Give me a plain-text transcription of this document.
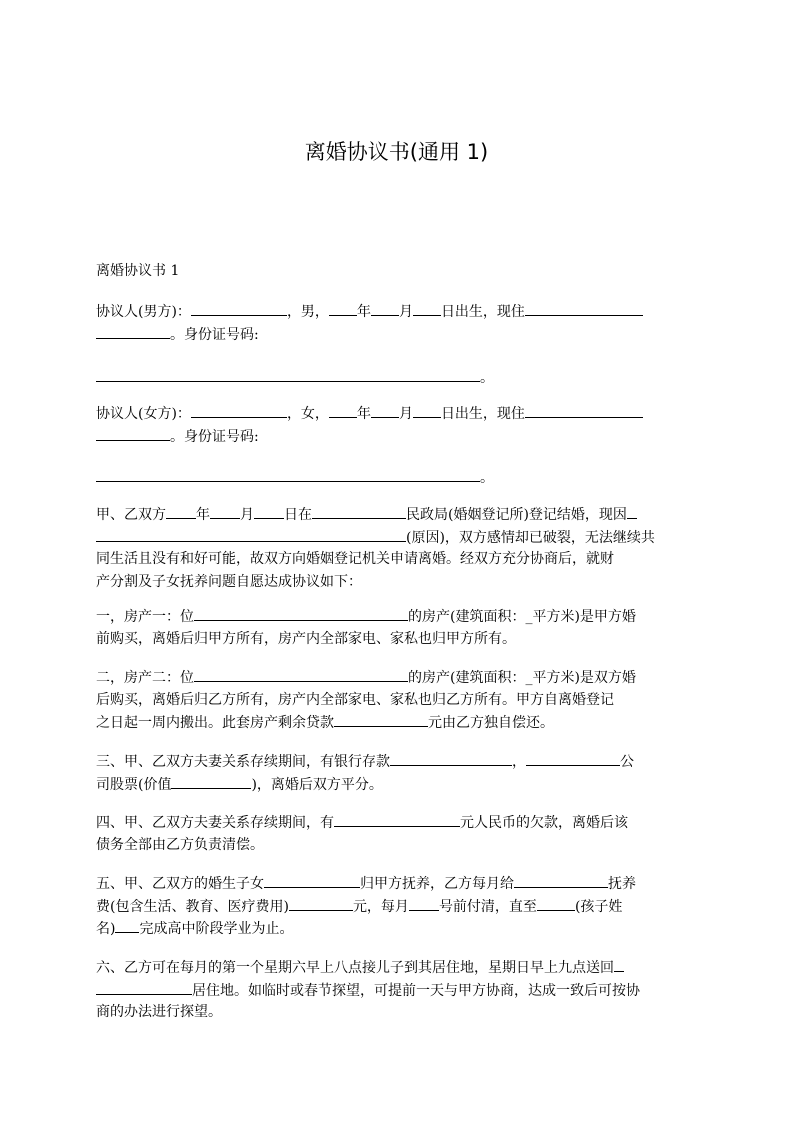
离婚协议书(通用 1)
离婚协议书 1
协议人(男方)：	，男， 年 月 日出生，现住
。身份证号码:
。
协议人(女方)：	，女， 年 月 日出生，现住
。身份证号码:
。
甲、乙双方 年 月 日在	民政局(婚姻登记所)登记结婚，现因
(原因)，双方感情却已破裂，无法继续共
同生活且没有和好可能，故双方向婚姻登记机关申请离婚。经双方充分协商后，就财
产分割及子女抚养问题自愿达成协议如下：
一，房产一：位	的房产(建筑面积：_平方米)是甲方婚
前购买，离婚后归甲方所有，房产内全部家电、家私也归甲方所有。
二，房产二：位	的房产(建筑面积：_平方米)是双方婚
后购买，离婚后归乙方所有，房产内全部家电、家私也归乙方所有。甲方自离婚登记
之日起一周内搬出。此套房产剩余贷款	元由乙方独自偿还。
三、甲、乙双方夫妻关系存续期间，有银行存款	，	公
司股票(价值	)，离婚后双方平分。
四、甲、乙双方夫妻关系存续期间，有	元人民币的欠款，离婚后该
债务全部由乙方负责清偿。
五、甲、乙双方的婚生子女	归甲方抚养，乙方每月给	抚养
费(包含生活、教育、医疗费用)	元，每月 号前付清，直至	(孩子姓
名) 完成高中阶段学业为止。
六、乙方可在每月的第一个星期六早上八点接儿子到其居住地，星期日早上九点送回
居住地。如临时或春节探望，可提前一天与甲方协商，达成一致后可按协
商的办法进行探望。
